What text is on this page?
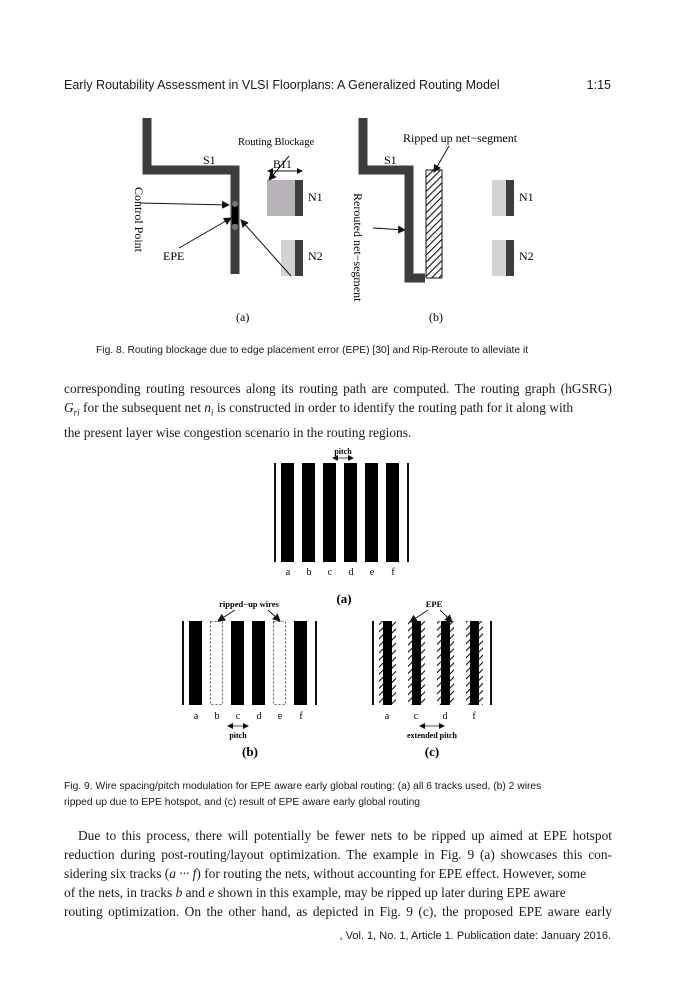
Early Routability Assessment in VLSI Floorplans: A Generalized Routing Model	1:15
Routing Blockage
B11
S1
N1
N2
EPE
Control Point
(a)
Ripped up net−segment
S1
N1
N2
Rerouted net−segment
(b)
Fig. 8. Routing blockage due to edge placement error (EPE) [30] and Rip-Reroute to alleviate it
corresponding routing resources along its routing path are computed. The routing graph (hGSRG)
$G_{ri}$ for the subsequent net $n_i$ is constructed in order to identify the routing path for it along with
the present layer wise congestion scenario in the routing regions.
pitch
a b c d e f
(a)
ripped−up wires
a b c d e f
pitch
(b)
EPE
a c d f
extended pitch
(c)
Fig. 9. Wire spacing/pitch modulation for EPE aware early global routing: (a) all 6 tracks used, (b) 2 wires
ripped up due to EPE hotspot, and (c) result of EPE aware early global routing
Due to this process, there will potentially be fewer nets to be ripped up aimed at EPE hotspot
reduction during post-routing/layout optimization. The example in Fig. 9 (a) showcases this con-
sidering six tracks (a ··· f) for routing the nets, without accounting for EPE effect. However, some
of the nets, in tracks b and e shown in this example, may be ripped up later during EPE aware
routing optimization. On the other hand, as depicted in Fig. 9 (c), the proposed EPE aware early
, Vol. 1, No. 1, Article 1. Publication date: January 2016.
